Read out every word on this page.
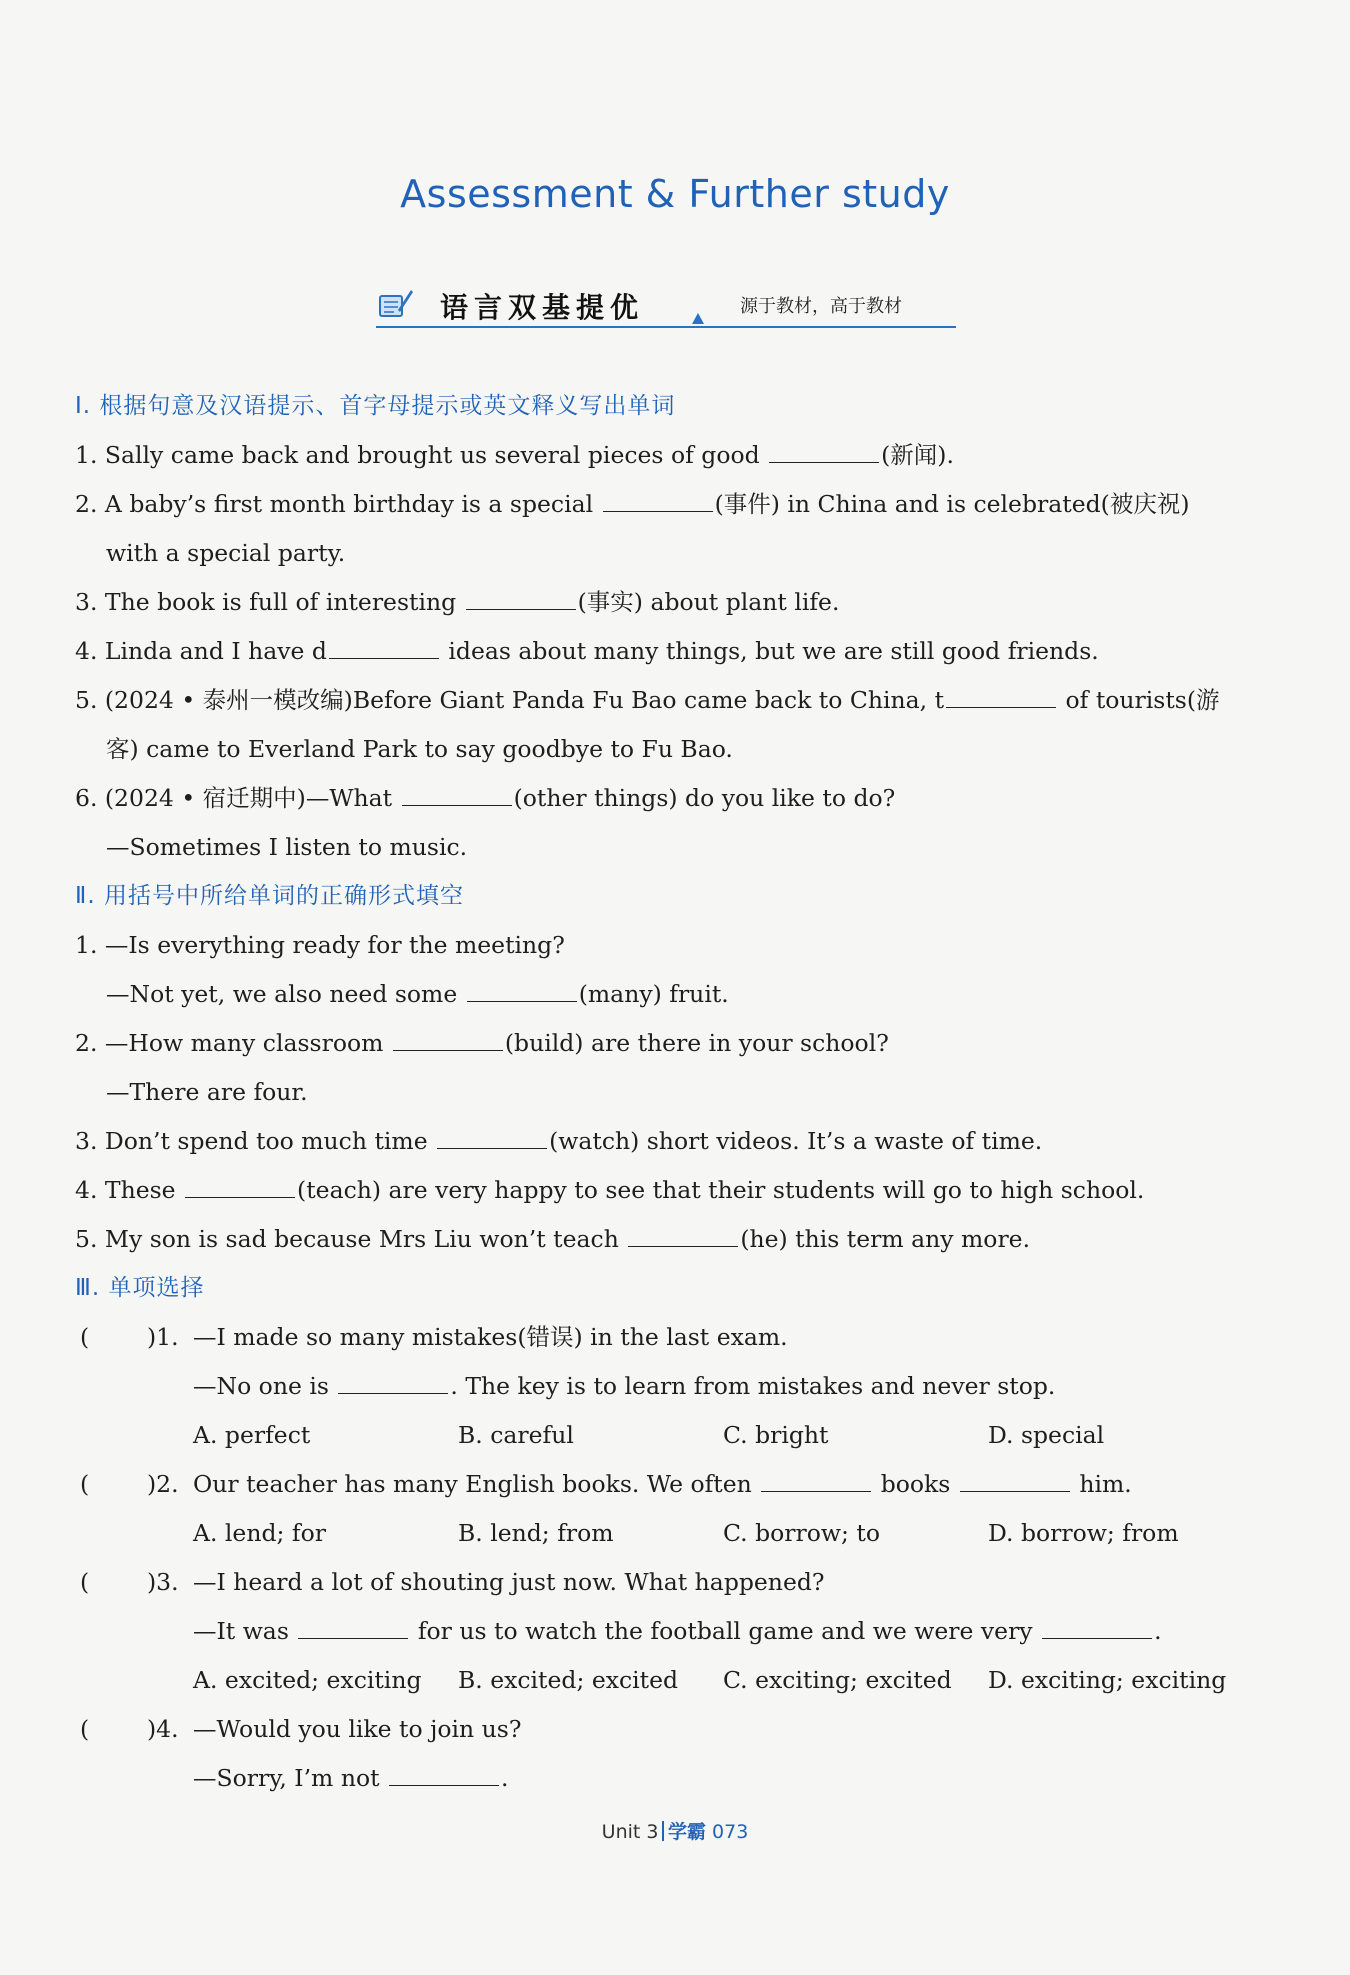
Assessment & Further study
语言双基提优	源于教材，高于教材
Ⅰ. 根据句意及汉语提示、首字母提示或英文释义写出单词
1. Sally came back and brought us several pieces of good	(新闻).
2. A baby’s first month birthday is a special	(事件) in China and is celebrated(被庆祝)
with a special party.
3. The book is full of interesting	(事实) about plant life.
4. Linda and I have d	ideas about many things, but we are still good friends.
5. (2024 • 泰州一模改编)Before Giant Panda Fu Bao came back to China, t	of tourists(游
客) came to Everland Park to say goodbye to Fu Bao.
6. (2024 • 宿迁期中)—What	(other things) do you like to do?
—Sometimes I listen to music.
Ⅱ. 用括号中所给单词的正确形式填空
1. —Is everything ready for the meeting?
—Not yet, we also need some	(many) fruit.
2. —How many classroom	(build) are there in your school?
—There are four.
3. Don’t spend too much time	(watch) short videos. It’s a waste of time.
4. These	(teach) are very happy to see that their students will go to high school.
5. My son is sad because Mrs Liu won’t teach	(he) this term any more.
Ⅲ. 单项选择
( )1. —I made so many mistakes(错误) in the last exam.
—No one is	. The key is to learn from mistakes and never stop.
A. perfect	B. careful	C. bright	D. special
( )2. Our teacher has many English books. We often	books	him.
A. lend; for	B. lend; from	C. borrow; to	D. borrow; from
( )3. —I heard a lot of shouting just now. What happened?
—It was	for us to watch the football game and we were very	.
A. excited; exciting B. excited; excited C. exciting; excited D. exciting; exciting
( )4. —Would you like to join us?
—Sorry, I’m not	.
Unit 3 学霸 073
